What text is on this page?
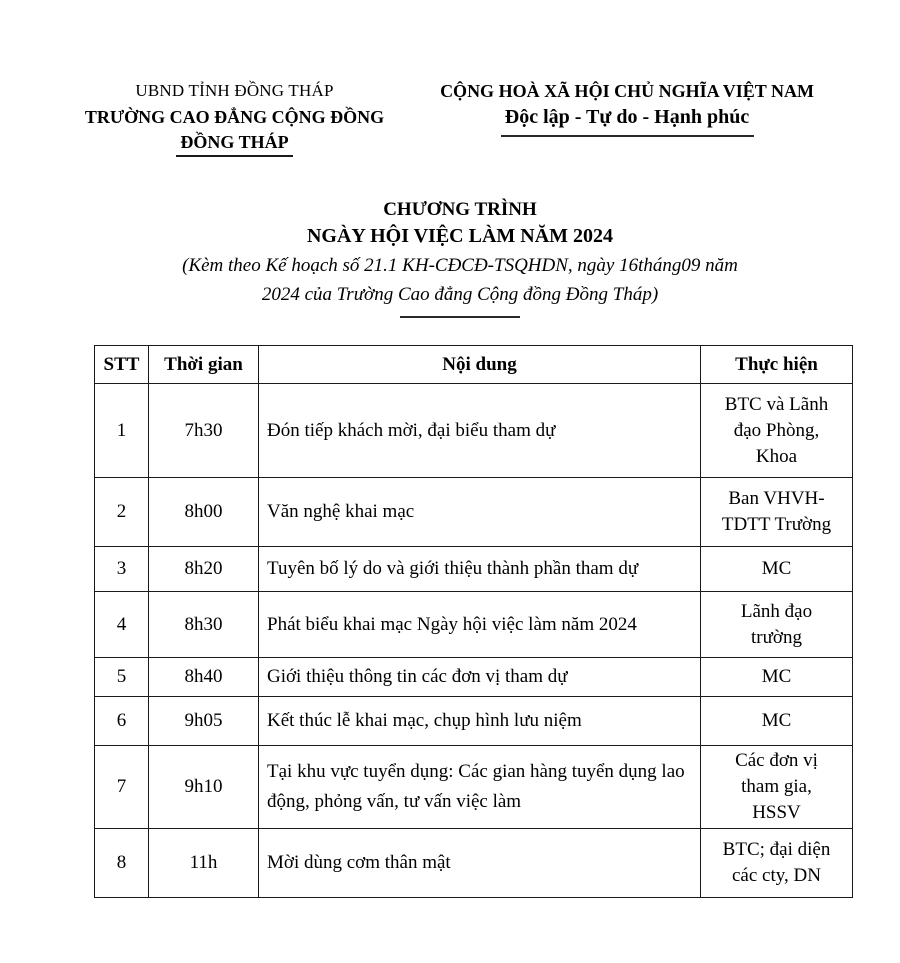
UBND TỈNH ĐỒNG THÁP
TRƯỜNG CAO ĐẲNG CỘNG ĐỒNG
ĐỒNG THÁP
CỘNG HOÀ XÃ HỘI CHỦ NGHĨA VIỆT NAM
Độc lập - Tự do - Hạnh phúc
CHƯƠNG TRÌNH
NGÀY HỘI VIỆC LÀM NĂM 2024
(Kèm theo Kế hoạch số 21.1 KH-CĐCĐ-TSQHDN, ngày 16tháng09 năm
2024 của Trường Cao đẳng Cộng đồng Đồng Tháp)
STT	Thời gian	Nội dung	Thực hiện
1	7h30	Đón tiếp khách mời, đại biểu tham dự	BTC và Lãnh đạo Phòng, Khoa
2	8h00	Văn nghệ khai mạc	Ban VHVH-TDTT Trường
3	8h20	Tuyên bố lý do và giới thiệu thành phần tham dự	MC
4	8h30	Phát biểu khai mạc Ngày hội việc làm năm 2024	Lãnh đạo trường
5	8h40	Giới thiệu thông tin các đơn vị tham dự	MC
6	9h05	Kết thúc lễ khai mạc, chụp hình lưu niệm	MC
7	9h10	Tại khu vực tuyển dụng: Các gian hàng tuyển dụng lao động, phỏng vấn, tư vấn việc làm	Các đơn vị tham gia, HSSV
8	11h	Mời dùng cơm thân mật	BTC; đại diện các cty, DN
